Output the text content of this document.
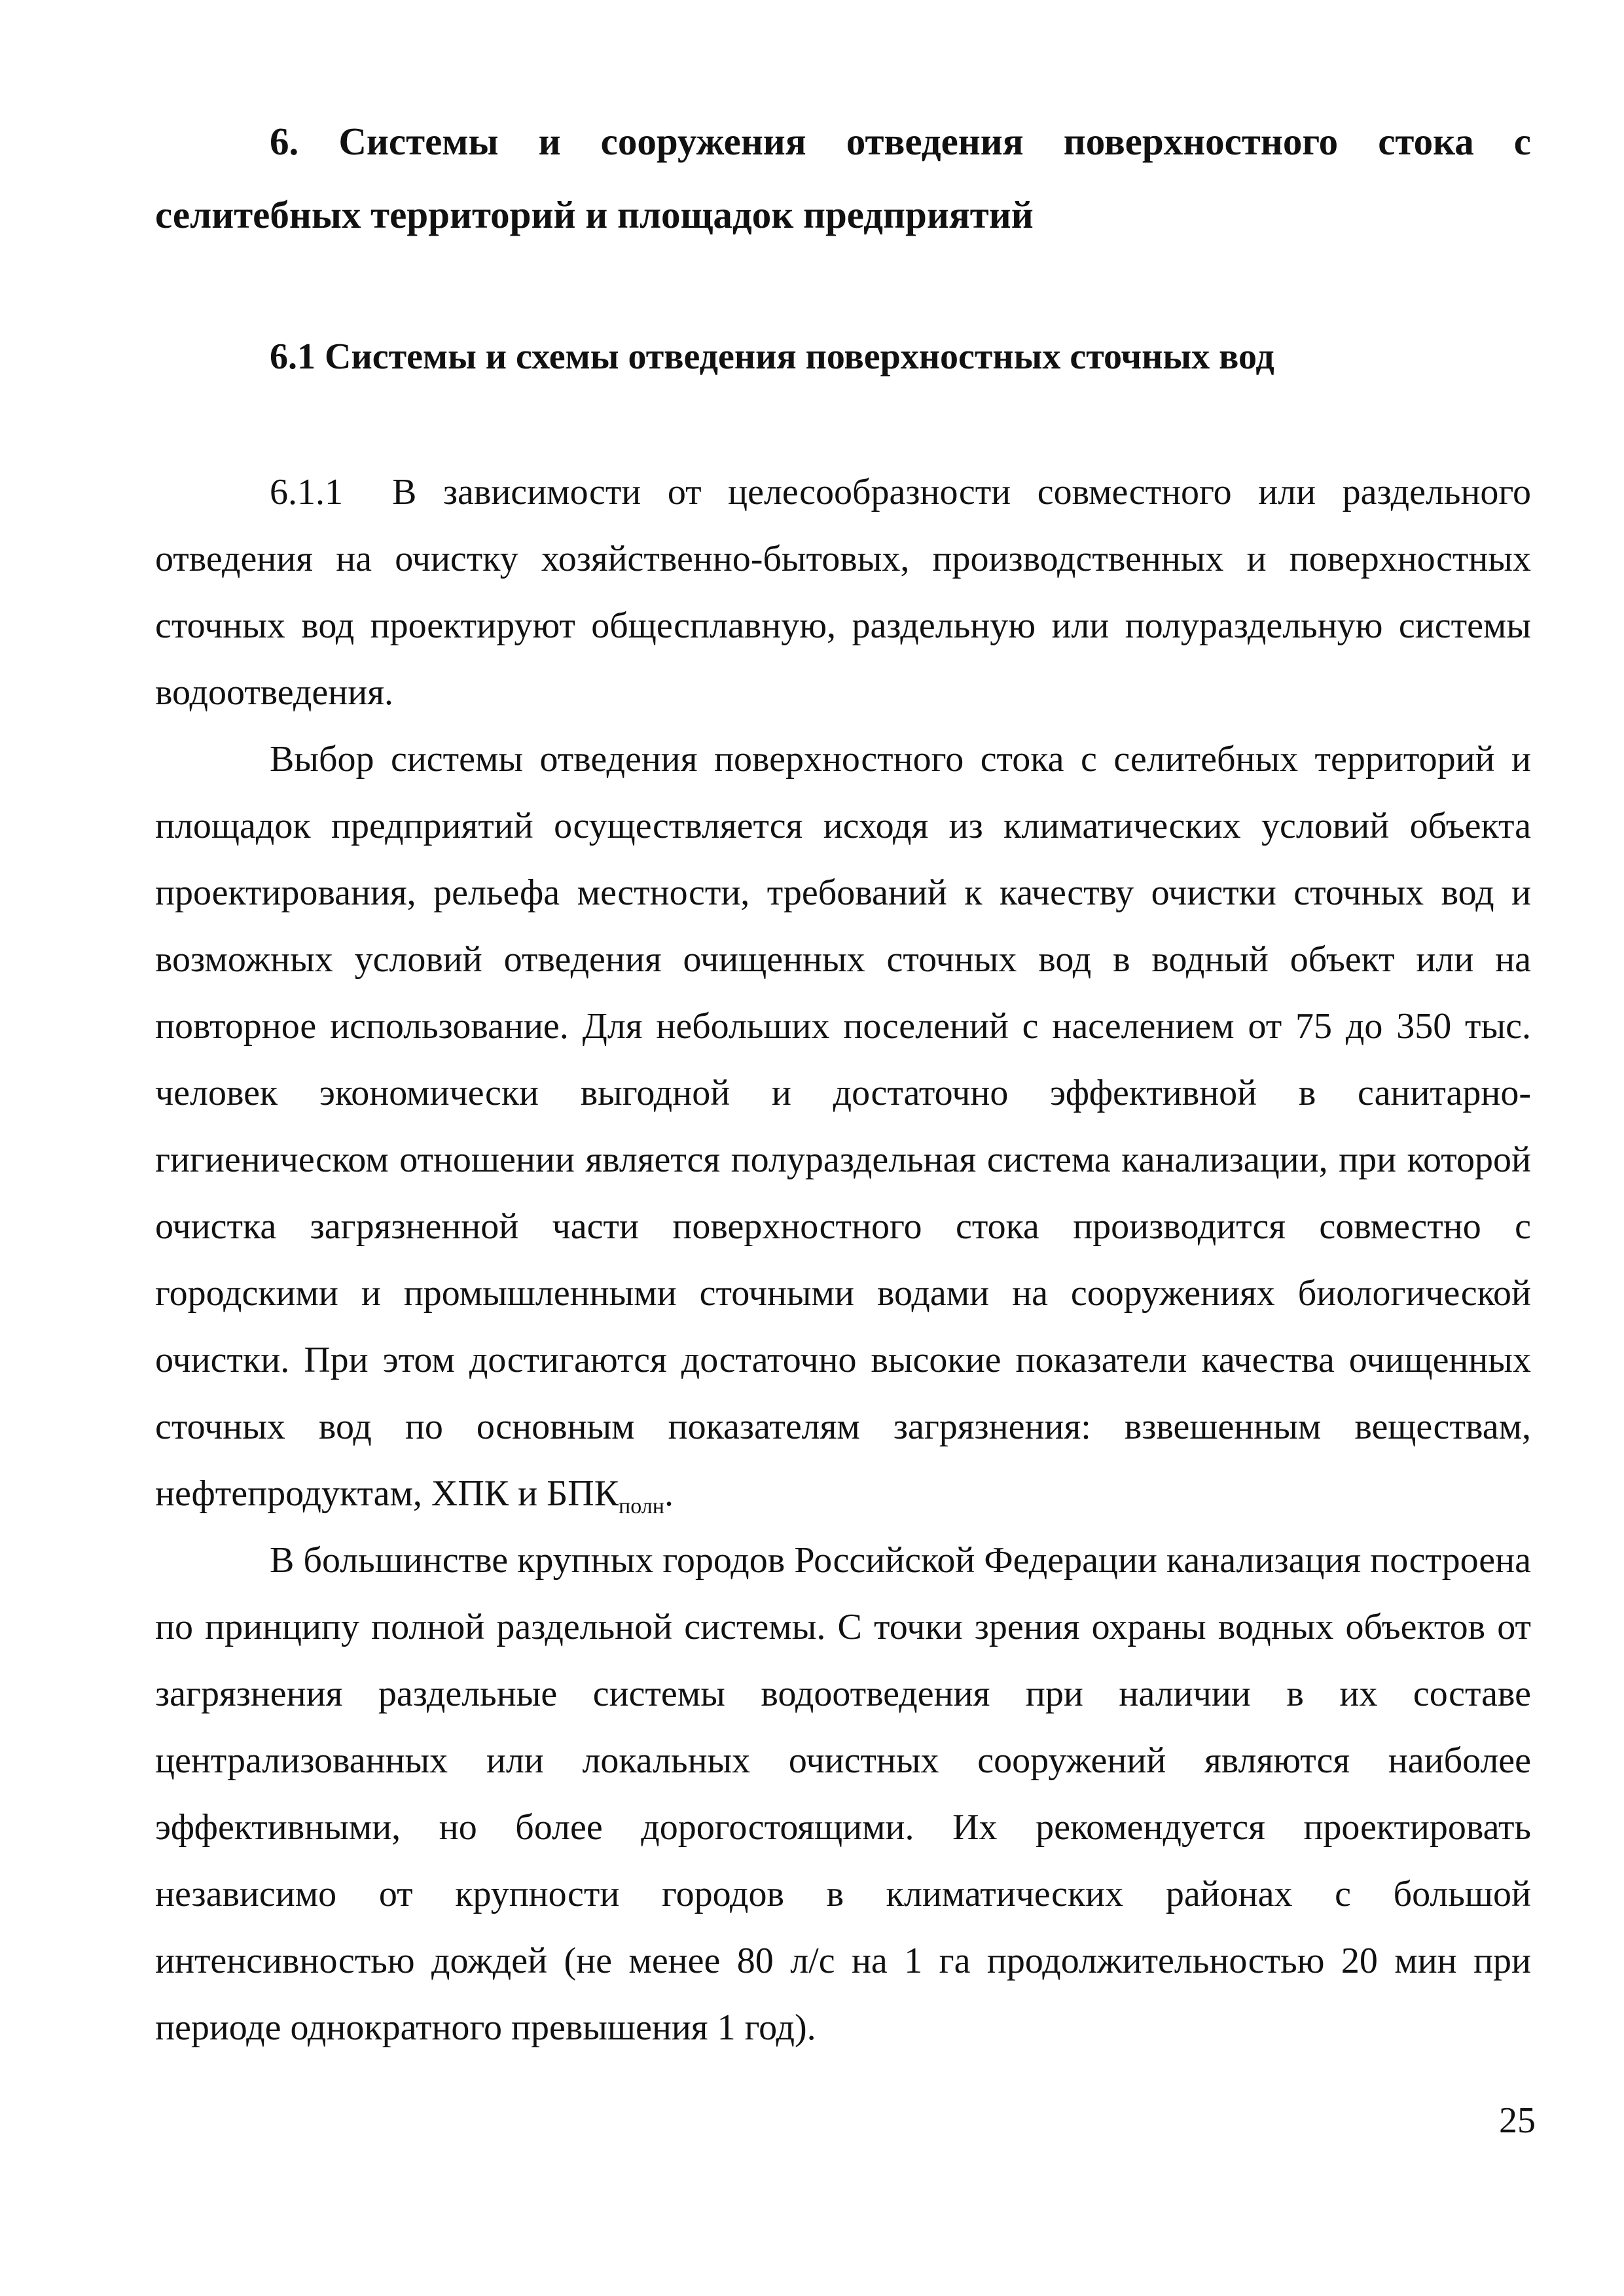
6. Системы и сооружения отведения поверхностного стока с селитебных территорий и площадок предприятий
6.1 Системы и схемы отведения поверхностных сточных вод

6.1.1 В зависимости от целесообразности совместного или раздельного отведения на очистку хозяйственно-бытовых, производственных и поверхностных сточных вод проектируют общесплавную, раздельную или полураздельную системы водоотведения.

Выбор системы отведения поверхностного стока с селитебных территорий и площадок предприятий осуществляется исходя из климатических условий объекта проектирования, рельефа местности, требований к качеству очистки сточных вод и возможных условий отведения очищенных сточных вод в водный объект или на повторное использование. Для небольших поселений с населением от 75 до 350 тыс. человек экономически выгодной и достаточно эффективной в санитарно-гигиеническом отношении является полураздельная система канализации, при которой очистка загрязненной части поверхностного стока производится совместно с городскими и промышленными сточными водами на сооружениях биологической очистки. При этом достигаются достаточно высокие показатели качества очищенных сточных вод по основным показателям загрязнения: взвешенным веществам, нефтепродуктам, ХПК и $БПК_{полн}$.

В большинстве крупных городов Российской Федерации канализация построена по принципу полной раздельной системы. С точки зрения охраны водных объектов от загрязнения раздельные системы водоотведения при наличии в их составе централизованных или локальных очистных сооружений являются наиболее эффективными, но более дорогостоящими. Их рекомендуется проектировать независимо от крупности городов в климатических районах с большой интенсивностью дождей (не менее 80 л/с на 1 га продолжительностью 20 мин при периоде однократного превышения 1 год).

25
